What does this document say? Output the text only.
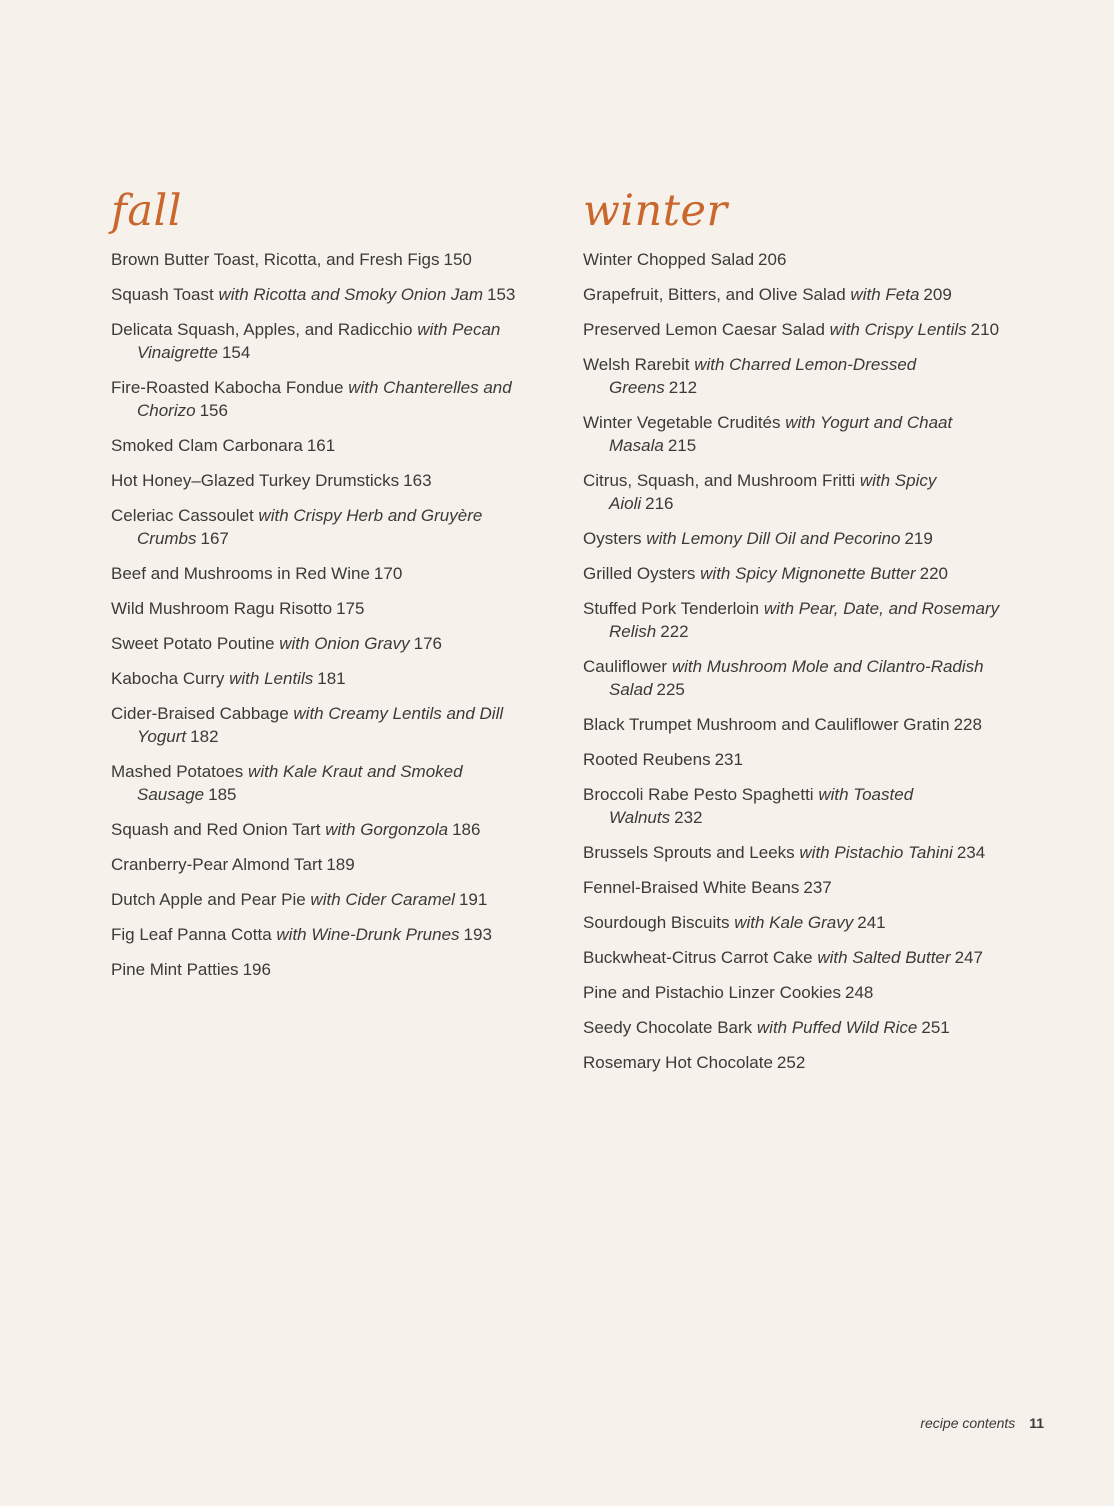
fall
Brown Butter Toast, Ricotta, and Fresh Figs 150
Squash Toast with Ricotta and Smoky Onion Jam 153
Delicata Squash, Apples, and Radicchio with Pecan Vinaigrette 154
Fire-Roasted Kabocha Fondue with Chanterelles and Chorizo 156
Smoked Clam Carbonara 161
Hot Honey–Glazed Turkey Drumsticks 163
Celeriac Cassoulet with Crispy Herb and Gruyère Crumbs 167
Beef and Mushrooms in Red Wine 170
Wild Mushroom Ragu Risotto 175
Sweet Potato Poutine with Onion Gravy 176
Kabocha Curry with Lentils 181
Cider-Braised Cabbage with Creamy Lentils and Dill Yogurt 182
Mashed Potatoes with Kale Kraut and Smoked Sausage 185
Squash and Red Onion Tart with Gorgonzola 186
Cranberry-Pear Almond Tart 189
Dutch Apple and Pear Pie with Cider Caramel 191
Fig Leaf Panna Cotta with Wine-Drunk Prunes 193
Pine Mint Patties 196
winter
Winter Chopped Salad 206
Grapefruit, Bitters, and Olive Salad with Feta 209
Preserved Lemon Caesar Salad with Crispy Lentils 210
Welsh Rarebit with Charred Lemon-Dressed Greens 212
Winter Vegetable Crudités with Yogurt and Chaat Masala 215
Citrus, Squash, and Mushroom Fritti with Spicy Aioli 216
Oysters with Lemony Dill Oil and Pecorino 219
Grilled Oysters with Spicy Mignonette Butter 220
Stuffed Pork Tenderloin with Pear, Date, and Rosemary Relish 222
Cauliflower with Mushroom Mole and Cilantro-Radish Salad 225
Black Trumpet Mushroom and Cauliflower Gratin 228
Rooted Reubens 231
Broccoli Rabe Pesto Spaghetti with Toasted Walnuts 232
Brussels Sprouts and Leeks with Pistachio Tahini 234
Fennel-Braised White Beans 237
Sourdough Biscuits with Kale Gravy 241
Buckwheat-Citrus Carrot Cake with Salted Butter 247
Pine and Pistachio Linzer Cookies 248
Seedy Chocolate Bark with Puffed Wild Rice 251
Rosemary Hot Chocolate 252
recipe contents 11
